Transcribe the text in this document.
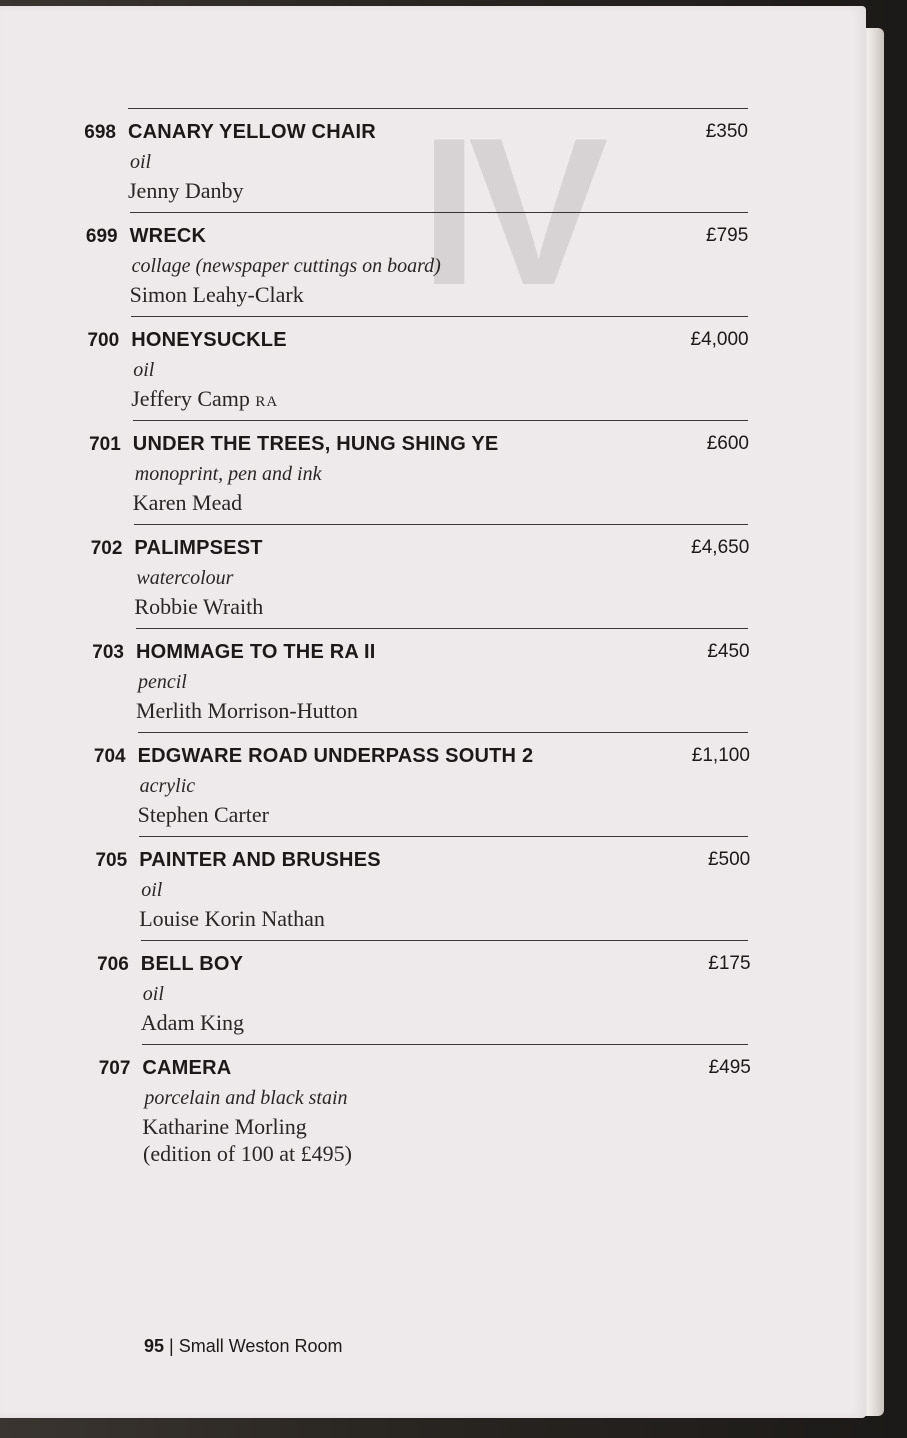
IV
698 CANARY YELLOW CHAIR	£350
oil
Jenny Danby
699 WRECK	£795
collage (newspaper cuttings on board)
Simon Leahy-Clark
700 HONEYSUCKLE	£4,000
oil
Jeffery Camp RA
701 UNDER THE TREES, HUNG SHING YE	£600
monoprint, pen and ink
Karen Mead
702 PALIMPSEST	£4,650
watercolour
Robbie Wraith
703 HOMMAGE TO THE RA II	£450
pencil
Merlith Morrison-Hutton
704 EDGWARE ROAD UNDERPASS SOUTH 2	£1,100
acrylic
Stephen Carter
705 PAINTER AND BRUSHES	£500
oil
Louise Korin Nathan
706 BELL BOY	£175
oil
Adam King
707 CAMERA	£495
porcelain and black stain
Katharine Morling
(edition of 100 at £495)
95 | Small Weston Room
